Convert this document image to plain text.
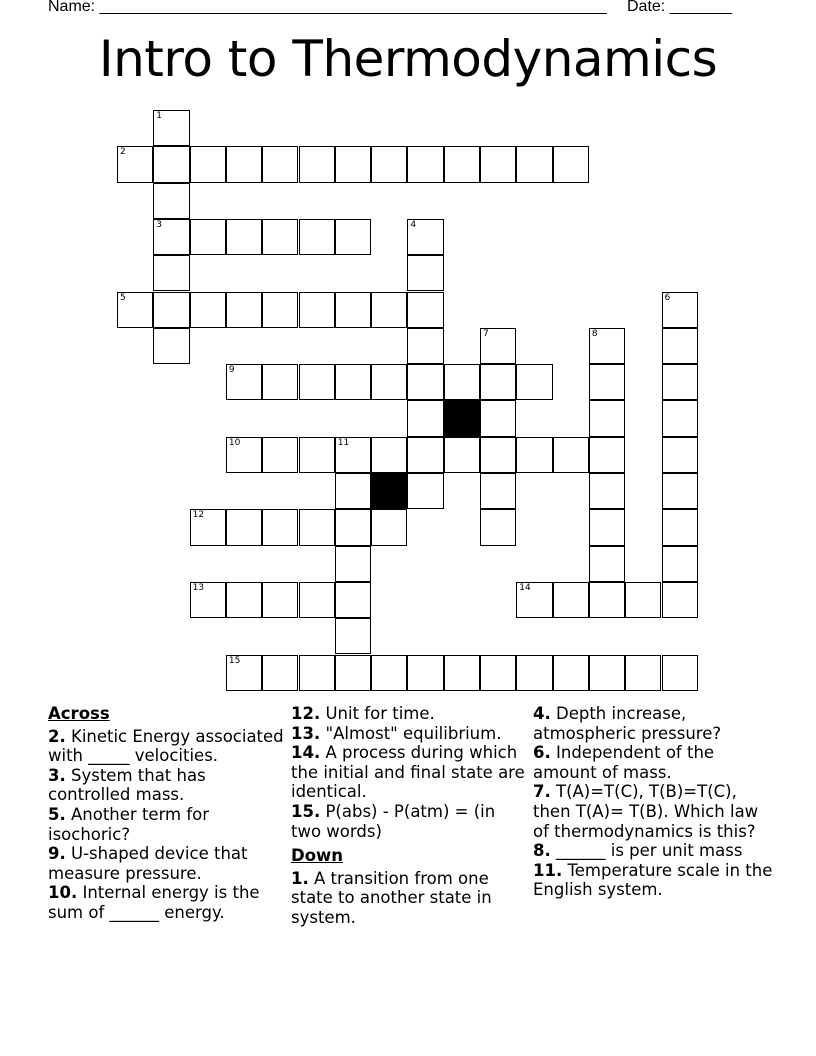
Name: _________________________________________________________ Date: _______
Intro to Thermodynamics
1
2
3	4
5	6
7	8
9
10	11
12
13	14
15
Across
2. Kinetic Energy associated with _____ velocities.
3. System that has controlled mass.
5. Another term for isochoric?
9. U-shaped device that measure pressure.
10. Internal energy is the sum of ______ energy.
12. Unit for time.
13. "Almost" equilibrium.
14. A process during which the initial and final state are identical.
15. P(abs) - P(atm) = (in two words)
Down
1. A transition from one state to another state in system.
4. Depth increase, atmospheric pressure?
6. Independent of the amount of mass.
7. T(A)=T(C), T(B)=T(C), then T(A)= T(B). Which law of thermodynamics is this?
8. ______ is per unit mass
11. Temperature scale in the English system.
